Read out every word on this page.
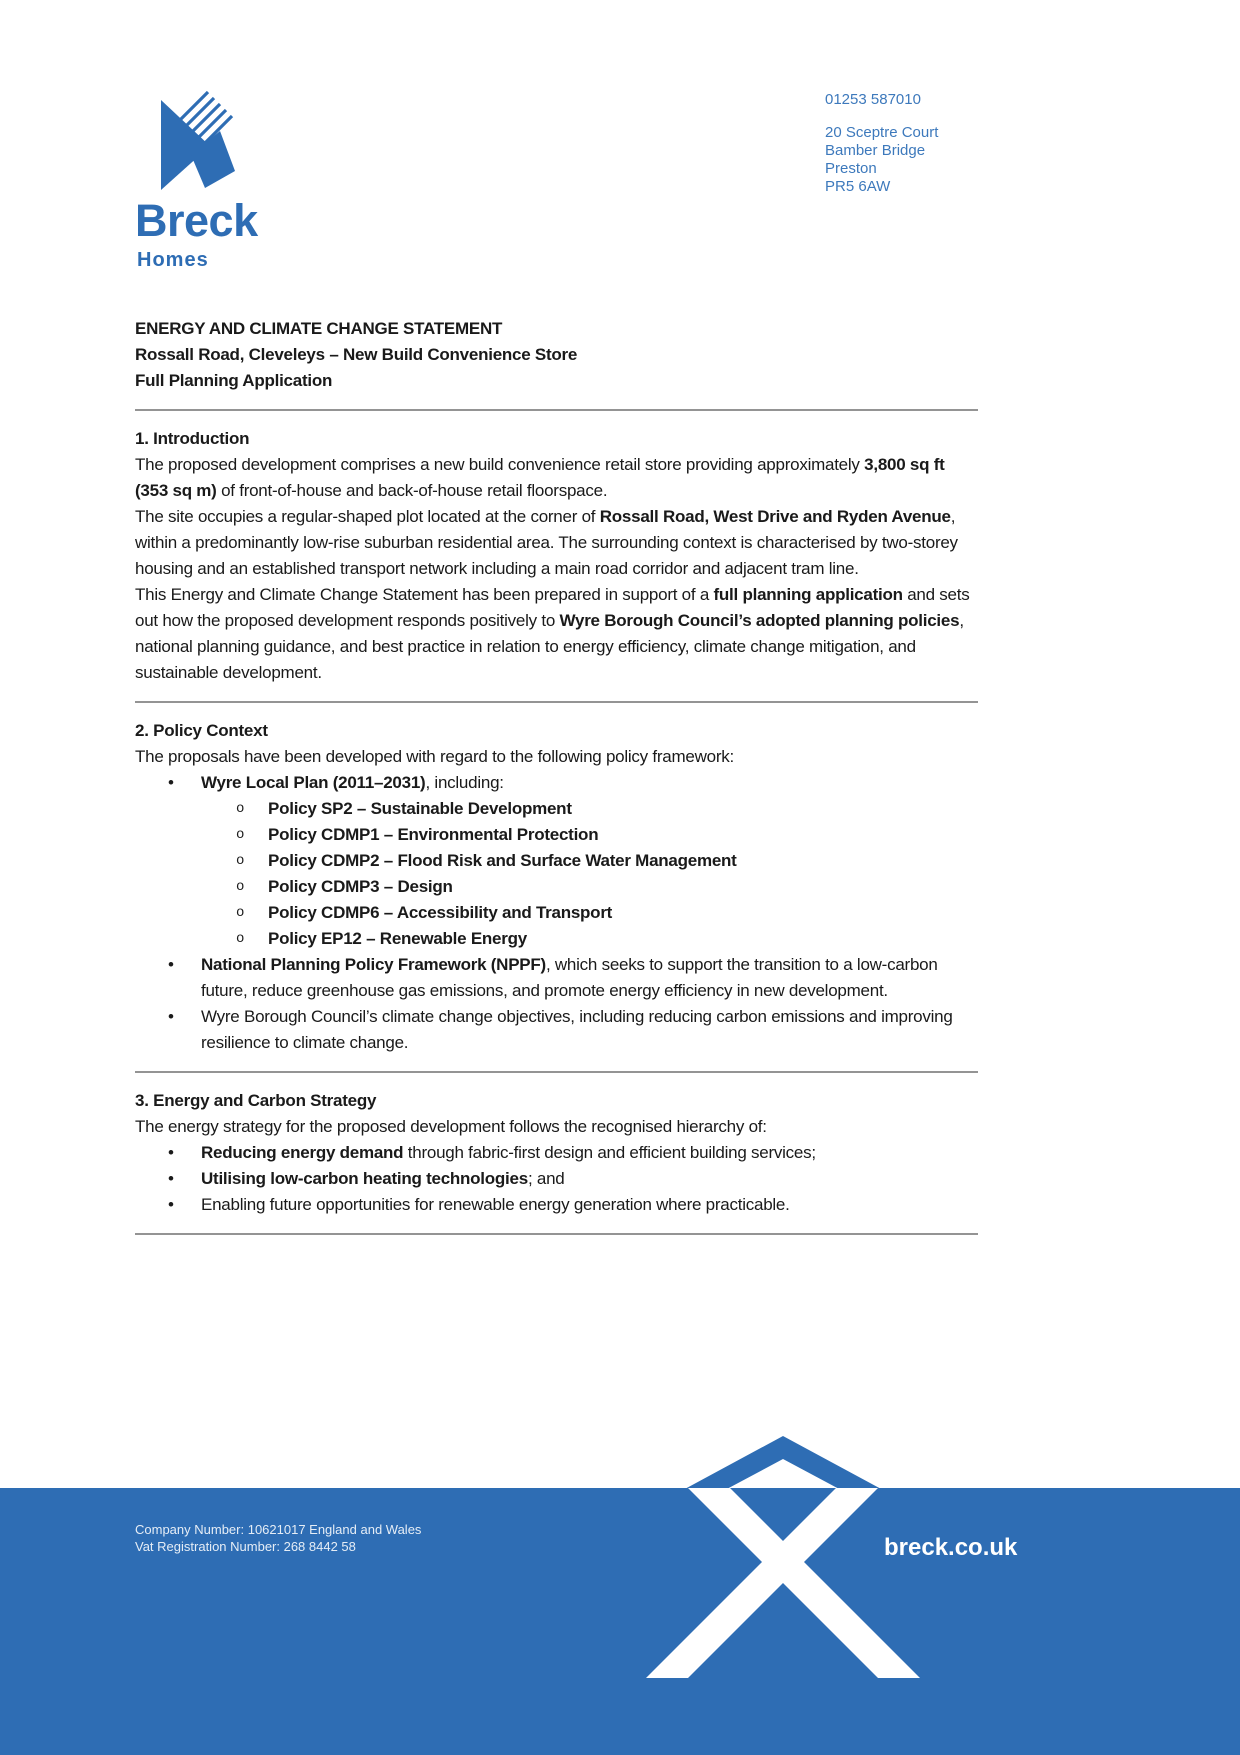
Breck
Homes
01253 587010
20 Sceptre Court
Bamber Bridge
Preston
PR5 6AW
ENERGY AND CLIMATE CHANGE STATEMENT
Rossall Road, Cleveleys – New Build Convenience Store
Full Planning Application
1. Introduction

The proposed development comprises a new build convenience retail store providing approximately 3,800 sq ft (353 sq m) of front-of-house and back-of-house retail floorspace.

The site occupies a regular-shaped plot located at the corner of Rossall Road, West Drive and Ryden Avenue, within a predominantly low-rise suburban residential area. The surrounding context is characterised by two-storey housing and an established transport network including a main road corridor and adjacent tram line.

This Energy and Climate Change Statement has been prepared in support of a full planning application and sets out how the proposed development responds positively to Wyre Borough Council’s adopted planning policies, national planning guidance, and best practice in relation to energy efficiency, climate change mitigation, and sustainable development.

2. Policy Context

The proposals have been developed with regard to the following policy framework:

•	Wyre Local Plan (2011–2031), including:
o	Policy SP2 – Sustainable Development
o	Policy CDMP1 – Environmental Protection
o	Policy CDMP2 – Flood Risk and Surface Water Management
o	Policy CDMP3 – Design
o	Policy CDMP6 – Accessibility and Transport
o	Policy EP12 – Renewable Energy
•	National Planning Policy Framework (NPPF), which seeks to support the transition to a low-carbon future, reduce greenhouse gas emissions, and promote energy efficiency in new development.
•	Wyre Borough Council’s climate change objectives, including reducing carbon emissions and improving resilience to climate change.
3. Energy and Carbon Strategy

The energy strategy for the proposed development follows the recognised hierarchy of:

•	Reducing energy demand through fabric-first design and efficient building services;
•	Utilising low-carbon heating technologies; and
•	Enabling future opportunities for renewable energy generation where practicable.
Company Number: 10621017 England and Wales
Vat Registration Number: 268 8442 58	breck.co.uk
